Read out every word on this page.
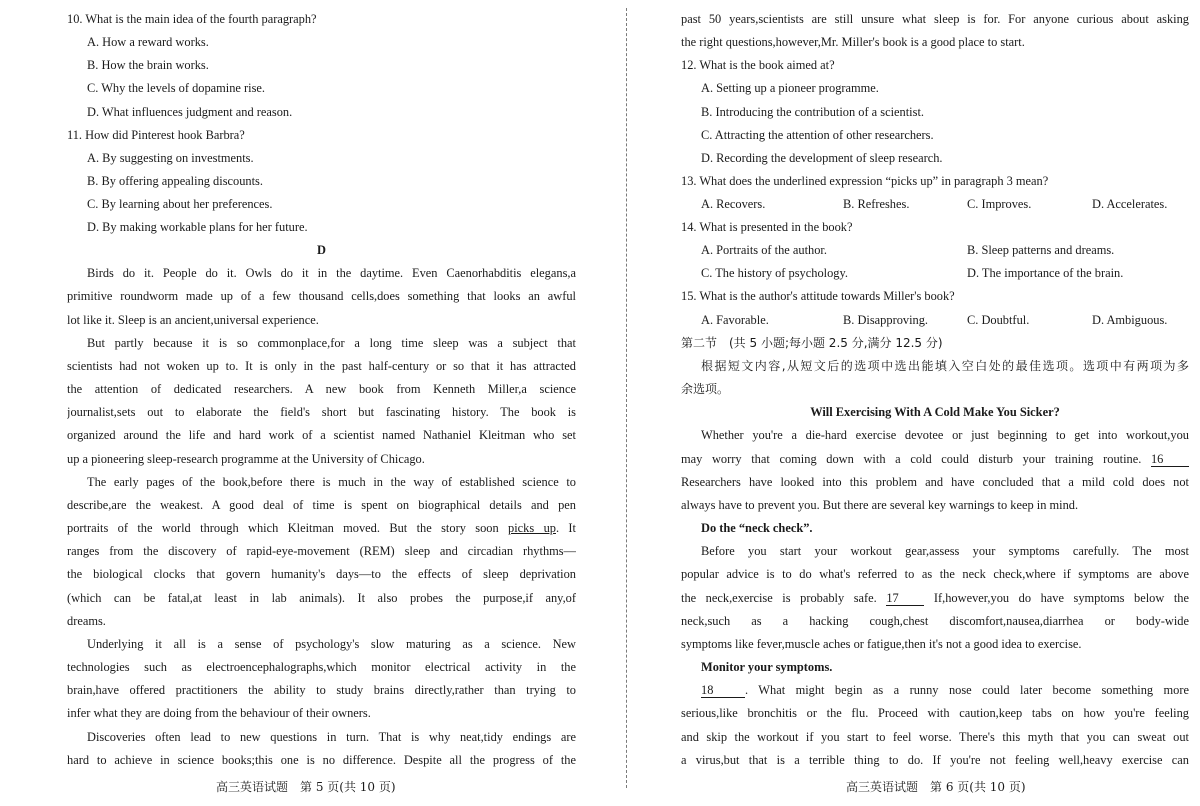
10. What is the main idea of the fourth paragraph?
A. How a reward works.
B. How the brain works.
C. Why the levels of dopamine rise.
D. What influences judgment and reason.
11. How did Pinterest hook Barbra?
A. By suggesting on investments.
B. By offering appealing discounts.
C. By learning about her preferences.
D. By making workable plans for her future.
D
Birds do it. People do it. Owls do it in the daytime. Even Caenorhabditis elegans,a
primitive roundworm made up of a few thousand cells,does something that looks an awful
lot like it. Sleep is an ancient,universal experience.
But partly because it is so commonplace,for a long time sleep was a subject that
scientists had not woken up to. It is only in the past half-century or so that it has attracted
the attention of dedicated researchers. A new book from Kenneth Miller,a science
journalist,sets out to elaborate the field's short but fascinating history. The book is
organized around the life and hard work of a scientist named Nathaniel Kleitman who set
up a pioneering sleep-research programme at the University of Chicago.
The early pages of the book,before there is much in the way of established science to
describe,are the weakest. A good deal of time is spent on biographical details and pen
portraits of the world through which Kleitman moved. But the story soon picks up. It
ranges from the discovery of rapid-eye-movement (REM) sleep and circadian rhythms—
the biological clocks that govern humanity's days—to the effects of sleep deprivation
(which can be fatal,at least in lab animals). It also probes the purpose,if any,of
dreams.
Underlying it all is a sense of psychology's slow maturing as a science. New
technologies such as electroencephalographs,which monitor electrical activity in the
brain,have offered practitioners the ability to study brains directly,rather than trying to
infer what they are doing from the behaviour of their owners.
Discoveries often lead to new questions in turn. That is why neat,tidy endings are
hard to achieve in science books;this one is no difference. Despite all the progress of the
past 50 years,scientists are still unsure what sleep is for. For anyone curious about asking
the right questions,however,Mr. Miller's book is a good place to start.
12. What is the book aimed at?
A. Setting up a pioneer programme.
B. Introducing the contribution of a scientist.
C. Attracting the attention of other researchers.
D. Recording the development of sleep research.
13. What does the underlined expression “picks up” in paragraph 3 mean?
A. Recovers.	B. Refreshes.	C. Improves.	D. Accelerates.
14. What is presented in the book?
A. Portraits of the author.	B. Sleep patterns and dreams.
C. The history of psychology.	D. The importance of the brain.
15. What is the author's attitude towards Miller's book?
A. Favorable.	B. Disapproving.	C. Doubtful.	D. Ambiguous.
第二节　(共 5 小题;每小题 2.5 分,满分 12.5 分)
根据短文内容,从短文后的选项中选出能填入空白处的最佳选项。选项中有两项为多
余选项。
Will Exercising With A Cold Make You Sicker?
Whether you're a die-hard exercise devotee or just beginning to get into workout,you
may worry that coming down with a cold could disturb your training routine. 16
Researchers have looked into this problem and have concluded that a mild cold does not
always have to prevent you. But there are several key warnings to keep in mind.
Do the “neck check”.
Before you start your workout gear,assess your symptoms carefully. The most
popular advice is to do what's referred to as the neck check,where if symptoms are above
the neck,exercise is probably safe. 17	If,however,you do have symptoms below the
neck,such as a hacking cough,chest discomfort,nausea,diarrhea or body-wide
symptoms like fever,muscle aches or fatigue,then it's not a good idea to exercise.
Monitor your symptoms.
18	. What might begin as a runny nose could later become something more
serious,like bronchitis or the flu. Proceed with caution,keep tabs on how you're feeling
and skip the workout if you start to feel worse. There's this myth that you can sweat out
a virus,but that is a terrible thing to do. If you're not feeling well,heavy exercise can
高三英语试题　第 5 页(共 10 页)	高三英语试题　第 6 页(共 10 页)
